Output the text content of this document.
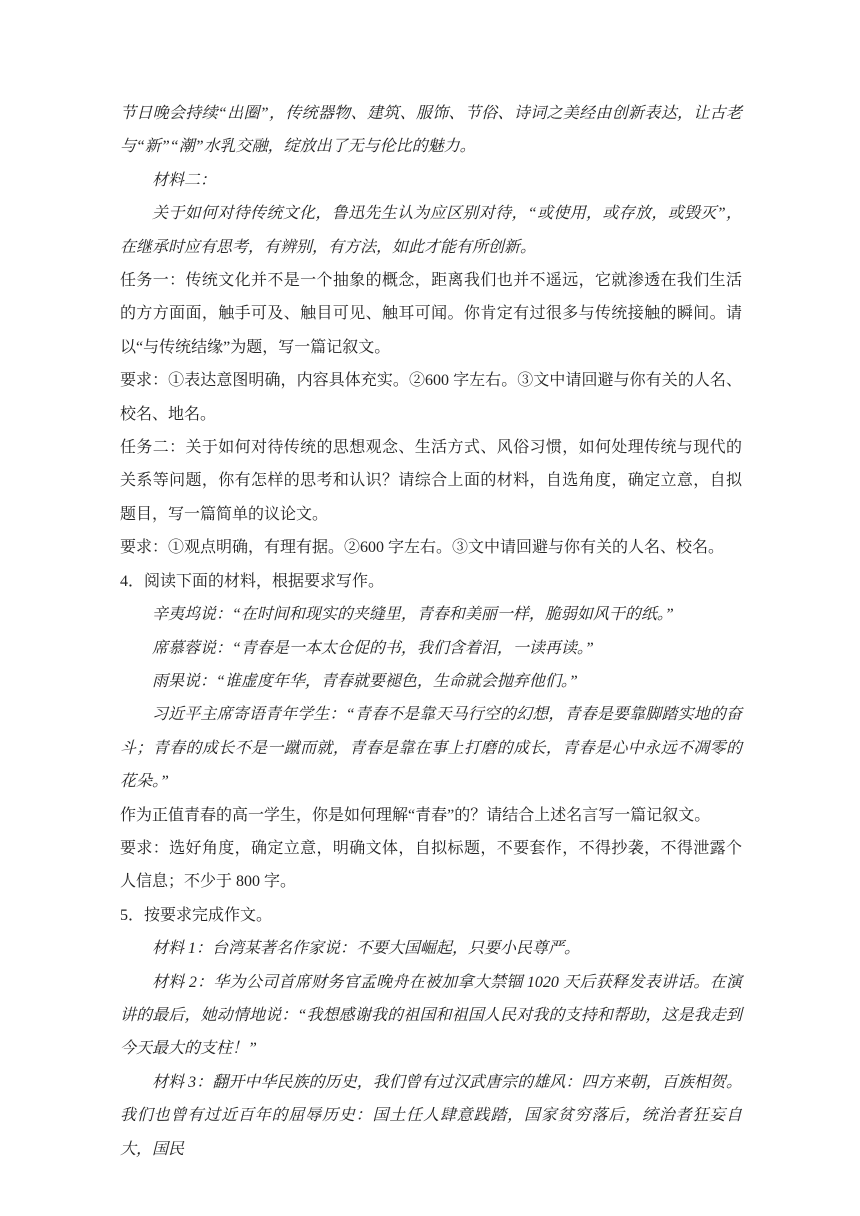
节日晚会持续“出圈”，传统器物、建筑、服饰、节俗、诗词之美经由创新表达，让古老与“新”“潮”水乳交融，绽放出了无与伦比的魅力。

材料二：

关于如何对待传统文化，鲁迅先生认为应区别对待，“或使用，或存放，或毁灭”，在继承时应有思考，有辨别，有方法，如此才能有所创新。

任务一：传统文化并不是一个抽象的概念，距离我们也并不遥远，它就渗透在我们生活的方方面面，触手可及、触目可见、触耳可闻。你肯定有过很多与传统接触的瞬间。请以“与传统结缘”为题，写一篇记叙文。

要求：①表达意图明确，内容具体充实。②600 字左右。③文中请回避与你有关的人名、校名、地名。

任务二：关于如何对待传统的思想观念、生活方式、风俗习惯，如何处理传统与现代的关系等问题，你有怎样的思考和认识？请综合上面的材料，自选角度，确定立意，自拟题目，写一篇简单的议论文。

要求：①观点明确，有理有据。②600 字左右。③文中请回避与你有关的人名、校名。

4．阅读下面的材料，根据要求写作。

辛夷坞说：“在时间和现实的夹缝里，青春和美丽一样，脆弱如风干的纸。”

席慕蓉说：“青春是一本太仓促的书，我们含着泪，一读再读。”

雨果说：“谁虚度年华，青春就要褪色，生命就会抛弃他们。”

习近平主席寄语青年学生：“青春不是靠天马行空的幻想，青春是要靠脚踏实地的奋斗；青春的成长不是一蹴而就，青春是靠在事上打磨的成长，青春是心中永远不凋零的花朵。”

作为正值青春的高一学生，你是如何理解“青春”的？请结合上述名言写一篇记叙文。

要求：选好角度，确定立意，明确文体，自拟标题，不要套作，不得抄袭，不得泄露个人信息；不少于 800 字。

5．按要求完成作文。

材料 1：台湾某著名作家说：不要大国崛起，只要小民尊严。

材料 2：华为公司首席财务官孟晚舟在被加拿大禁锢 1020 天后获释发表讲话。在演讲的最后，她动情地说：“我想感谢我的祖国和祖国人民对我的支持和帮助，这是我走到今天最大的支柱！”

材料 3：翻开中华民族的历史，我们曾有过汉武唐宗的雄风：四方来朝，百族相贺。我们也曾有过近百年的屈辱历史：国土任人肆意践踏，国家贫穷落后，统治者狂妄自大，国民
